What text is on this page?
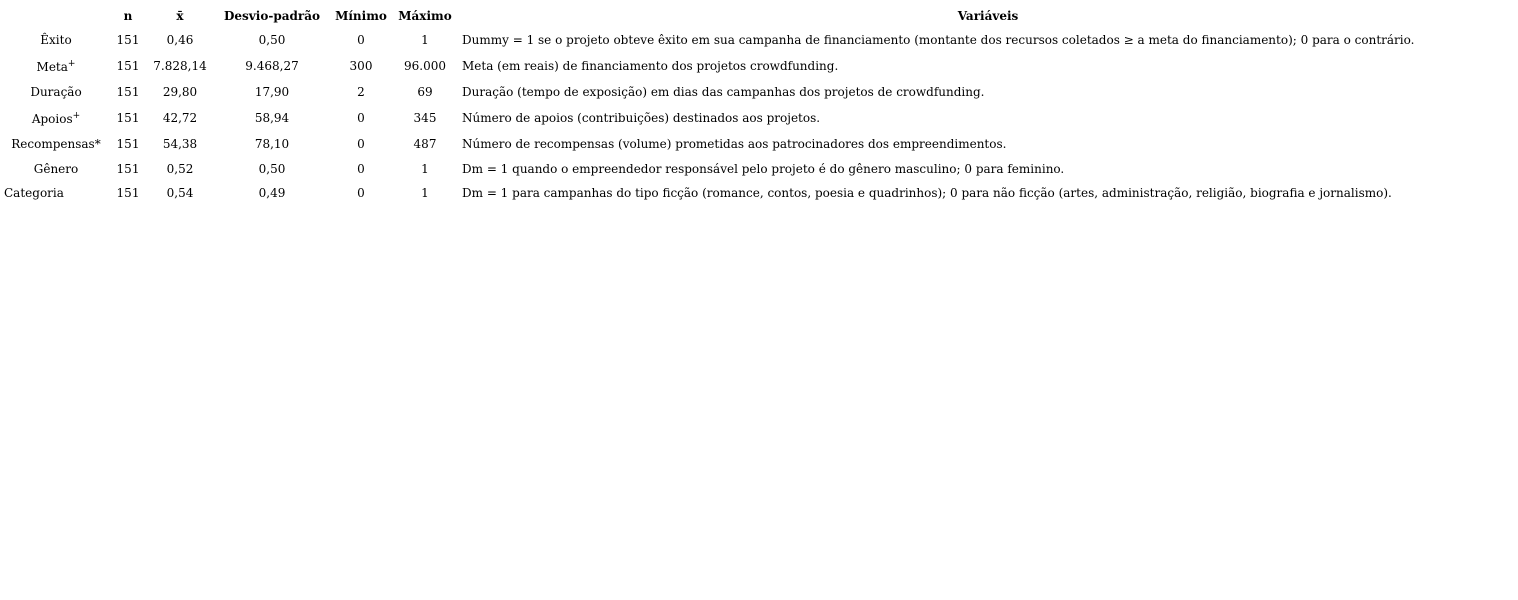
	n	x̄	Desvio-padrão	Mínimo	Máximo	Variáveis
Êxito	151	0,46	0,50	0	1	Dummy = 1 se o projeto obteve êxito em sua campanha de financiamento (montante dos recursos coletados ≥ a meta do financiamento); 0 para o contrário.
Meta+	151	7.828,14	9.468,27	300	96.000	Meta (em reais) de financiamento dos projetos crowdfunding.
Duração	151	29,80	17,90	2	69	Duração (tempo de exposição) em dias das campanhas dos projetos de crowdfunding.
Apoios+	151	42,72	58,94	0	345	Número de apoios (contribuições) destinados aos projetos.
Recompensas*	151	54,38	78,10	0	487	Número de recompensas (volume) prometidas aos patrocinadores dos empreendimentos.
Gênero	151	0,52	0,50	0	1	Dm = 1 quando o empreendedor responsável pelo projeto é do gênero masculino; 0 para feminino.
Categoria	151	0,54	0,49	0	1	Dm = 1 para campanhas do tipo ficção (romance, contos, poesia e quadrinhos); 0 para não ficção (artes, administração, religião, biografia e jornalismo).
